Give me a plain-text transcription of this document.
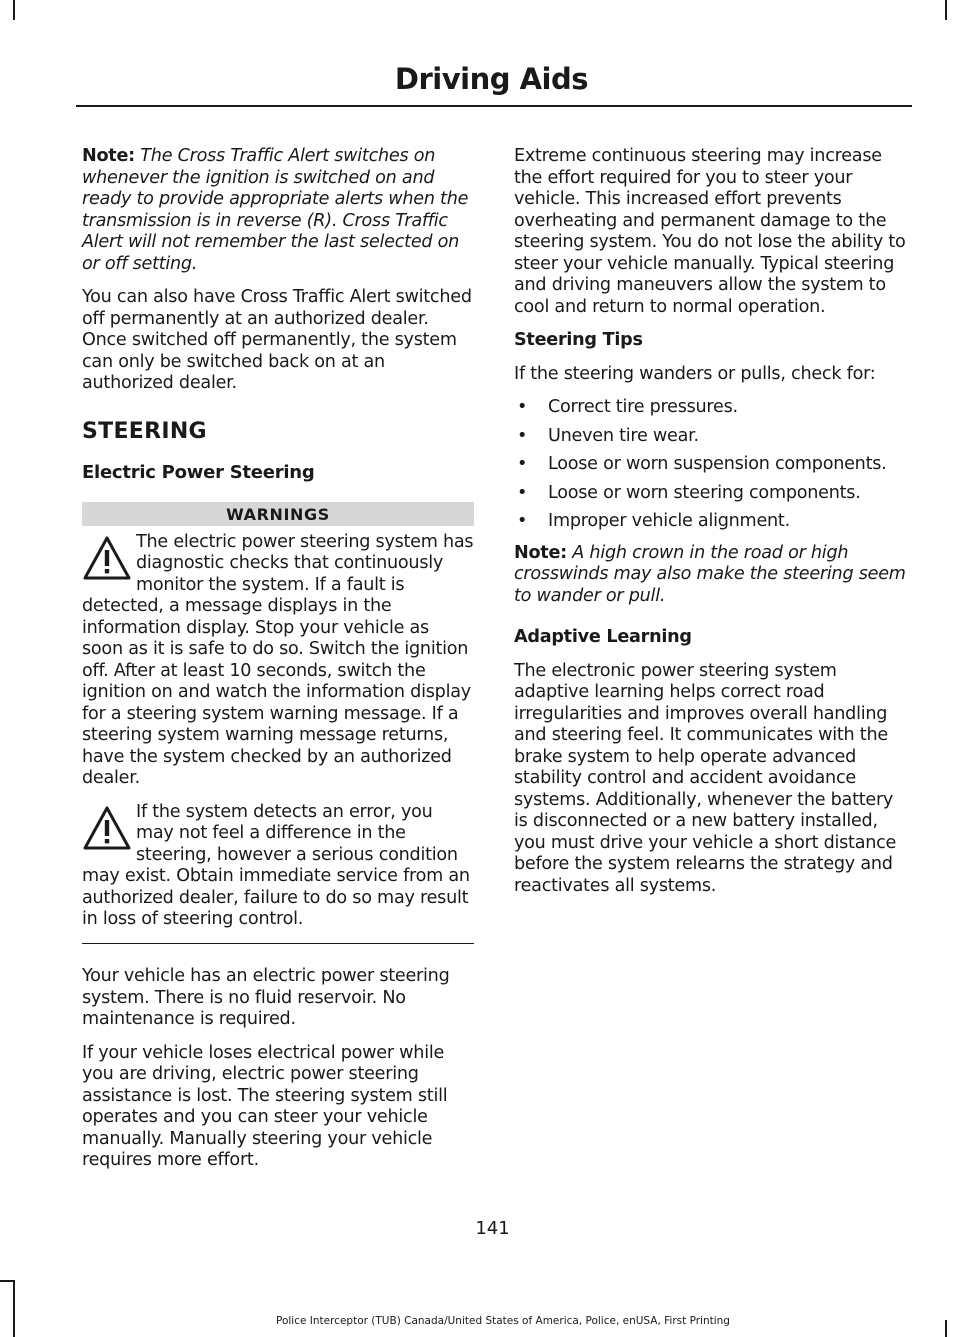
Driving Aids

Note: The Cross Traffic Alert switches on whenever the ignition is switched on and ready to provide appropriate alerts when the transmission is in reverse (R). Cross Traffic Alert will not remember the last selected on or off setting.

You can also have Cross Traffic Alert switched off permanently at an authorized dealer. Once switched off permanently, the system can only be switched back on at an authorized dealer.

STEERING
Electric Power Steering
WARNINGS
The electric power steering system has diagnostic checks that continuously monitor the system. If a fault is detected, a message displays in the information display. Stop your vehicle as soon as it is safe to do so. Switch the ignition off. After at least 10 seconds, switch the ignition on and watch the information display for a steering system warning message. If a steering system warning message returns, have the system checked by an authorized dealer.
If the system detects an error, you may not feel a difference in the steering, however a serious condition may exist. Obtain immediate service from an authorized dealer, failure to do so may result in loss of steering control.

Your vehicle has an electric power steering system. There is no fluid reservoir. No maintenance is required.

If your vehicle loses electrical power while you are driving, electric power steering assistance is lost. The steering system still operates and you can steer your vehicle manually. Manually steering your vehicle requires more effort.

Extreme continuous steering may increase the effort required for you to steer your vehicle. This increased effort prevents overheating and permanent damage to the steering system. You do not lose the ability to steer your vehicle manually. Typical steering and driving maneuvers allow the system to cool and return to normal operation.

Steering Tips

If the steering wanders or pulls, check for:

• Correct tire pressures.
• Uneven tire wear.
• Loose or worn suspension components.
• Loose or worn steering components.
• Improper vehicle alignment.

Note: A high crown in the road or high crosswinds may also make the steering seem to wander or pull.

Adaptive Learning

The electronic power steering system adaptive learning helps correct road irregularities and improves overall handling and steering feel. It communicates with the brake system to help operate advanced stability control and accident avoidance systems. Additionally, whenever the battery is disconnected or a new battery installed, you must drive your vehicle a short distance before the system relearns the strategy and reactivates all systems.

141
Police Interceptor (TUB) Canada/United States of America, Police, enUSA, First Printing
